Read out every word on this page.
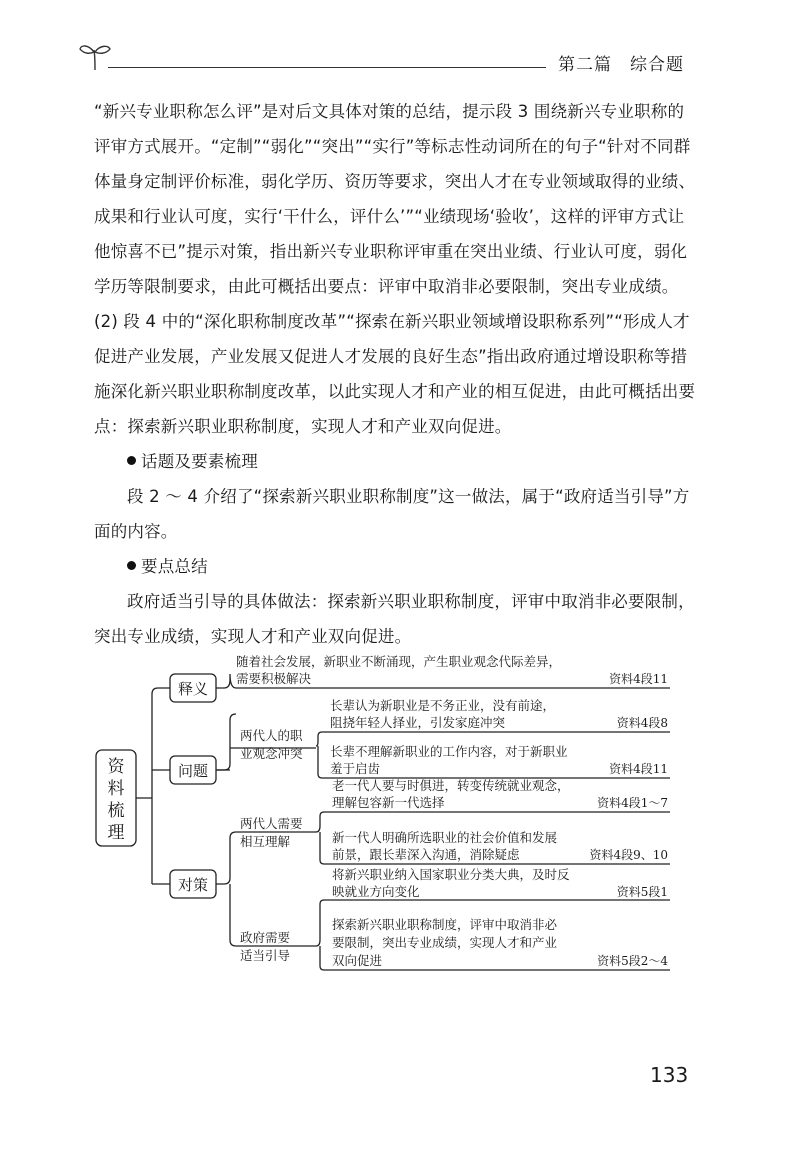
第二篇 综合题

“新兴专业职称怎么评”是对后文具体对策的总结，提示段 3 围绕新兴专业职称的评审方式展开。“定制”“弱化”“突出”“实行”等标志性动词所在的句子“针对不同群体量身定制评价标准，弱化学历、资历等要求，突出人才在专业领域取得的业绩、成果和行业认可度，实行‘干什么，评什么’”“业绩现场‘验收’，这样的评审方式让他惊喜不已”提示对策，指出新兴专业职称评审重在突出业绩、行业认可度，弱化学历等限制要求，由此可概括出要点：评审中取消非必要限制，突出专业成绩。(2) 段 4 中的“深化职称制度改革”“探索在新兴职业领域增设职称系列”“形成人才促进产业发展，产业发展又促进人才发展的良好生态”指出政府通过增设职称等措施深化新兴职业职称制度改革，以此实现人才和产业的相互促进，由此可概括出要点：探索新兴职业职称制度，实现人才和产业双向促进。

话题及要素梳理

段 2 ～ 4 介绍了“探索新兴职业职称制度”这一做法，属于“政府适当引导”方面的内容。

要点总结

政府适当引导的具体做法：探索新兴职业职称制度，评审中取消非必要限制，突出专业成绩，实现人才和产业双向促进。

资
料
梳
理
释义
问题
对策
随着社会发展，新职业不断涌现，产生职业观念代际差异，
需要积极解决	资料4段11
两代人的职
业观念冲突
长辈认为新职业是不务正业，没有前途，
阻挠年轻人择业，引发家庭冲突	资料4段8
长辈不理解新职业的工作内容，对于新职业
羞于启齿	资料4段11
两代人需要
相互理解
老一代人要与时俱进，转变传统就业观念，
理解包容新一代选择	资料4段1～7
新一代人明确所选职业的社会价值和发展
前景，跟长辈深入沟通，消除疑虑	资料4段9、10
政府需要
适当引导
将新兴职业纳入国家职业分类大典，及时反
映就业方向变化	资料5段1
探索新兴职业职称制度，评审中取消非必
要限制，突出专业成绩，实现人才和产业
双向促进	资料5段2～4
133
